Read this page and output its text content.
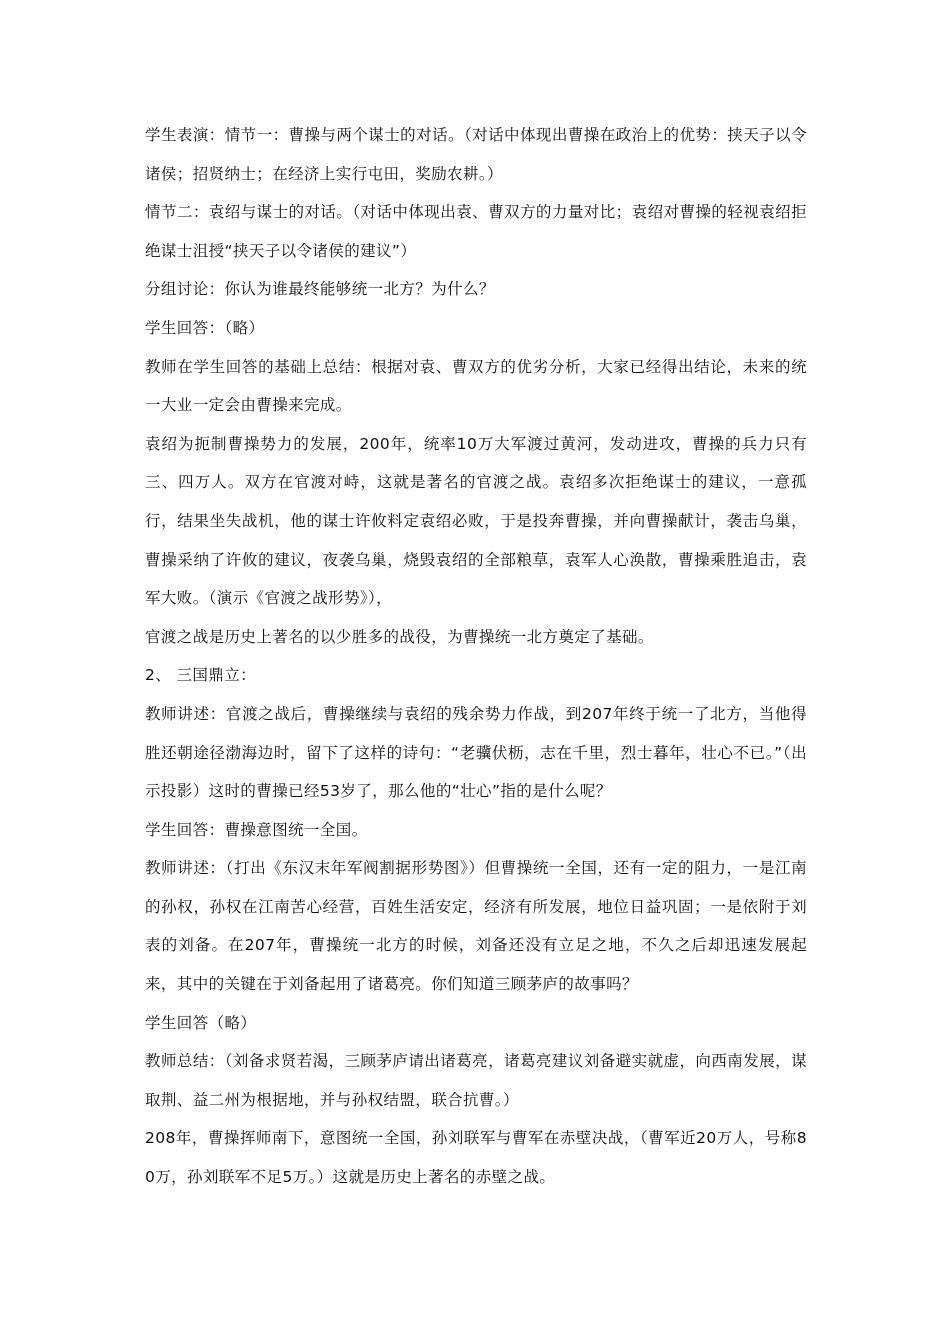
学生表演：情节一：曹操与两个谋士的对话。（对话中体现出曹操在政治上的优势：挟天子以令诸侯；招贤纳士；在经济上实行屯田，奖励农耕。）

情节二：袁绍与谋士的对话。（对话中体现出袁、曹双方的力量对比；袁绍对曹操的轻视袁绍拒绝谋士沮授“挟天子以令诸侯的建议”）

分组讨论：你认为谁最终能够统一北方？为什么？

学生回答：（略）

教师在学生回答的基础上总结：根据对袁、曹双方的优劣分析，大家已经得出结论，未来的统一大业一定会由曹操来完成。

袁绍为扼制曹操势力的发展，200年，统率10万大军渡过黄河，发动进攻，曹操的兵力只有三、四万人。双方在官渡对峙，这就是著名的官渡之战。袁绍多次拒绝谋士的建议，一意孤行，结果坐失战机，他的谋士许攸料定袁绍必败，于是投奔曹操，并向曹操献计，袭击乌巢，曹操采纳了许攸的建议，夜袭乌巢，烧毁袁绍的全部粮草，袁军人心涣散，曹操乘胜追击，袁军大败。（演示《官渡之战形势》），

官渡之战是历史上著名的以少胜多的战役，为曹操统一北方奠定了基础。

2、 三国鼎立：

教师讲述：官渡之战后，曹操继续与袁绍的残余势力作战，到207年终于统一了北方，当他得胜还朝途径渤海边时，留下了这样的诗句：“老骥伏枥，志在千里，烈士暮年，壮心不已。”（出示投影）这时的曹操已经53岁了，那么他的“壮心”指的是什么呢？

学生回答：曹操意图统一全国。

教师讲述：（打出《东汉末年军阀割据形势图》）但曹操统一全国，还有一定的阻力，一是江南的孙权，孙权在江南苦心经营，百姓生活安定，经济有所发展，地位日益巩固；一是依附于刘表的刘备。在207年，曹操统一北方的时候，刘备还没有立足之地，不久之后却迅速发展起来，其中的关键在于刘备起用了诸葛亮。你们知道三顾茅庐的故事吗？

学生回答（略）

教师总结：（刘备求贤若渴，三顾茅庐请出诸葛亮，诸葛亮建议刘备避实就虚，向西南发展，谋取荆、益二州为根据地，并与孙权结盟，联合抗曹。）

208年，曹操挥师南下，意图统一全国，孙刘联军与曹军在赤壁决战，（曹军近20万人，号称80万，孙刘联军不足5万。）这就是历史上著名的赤壁之战。
